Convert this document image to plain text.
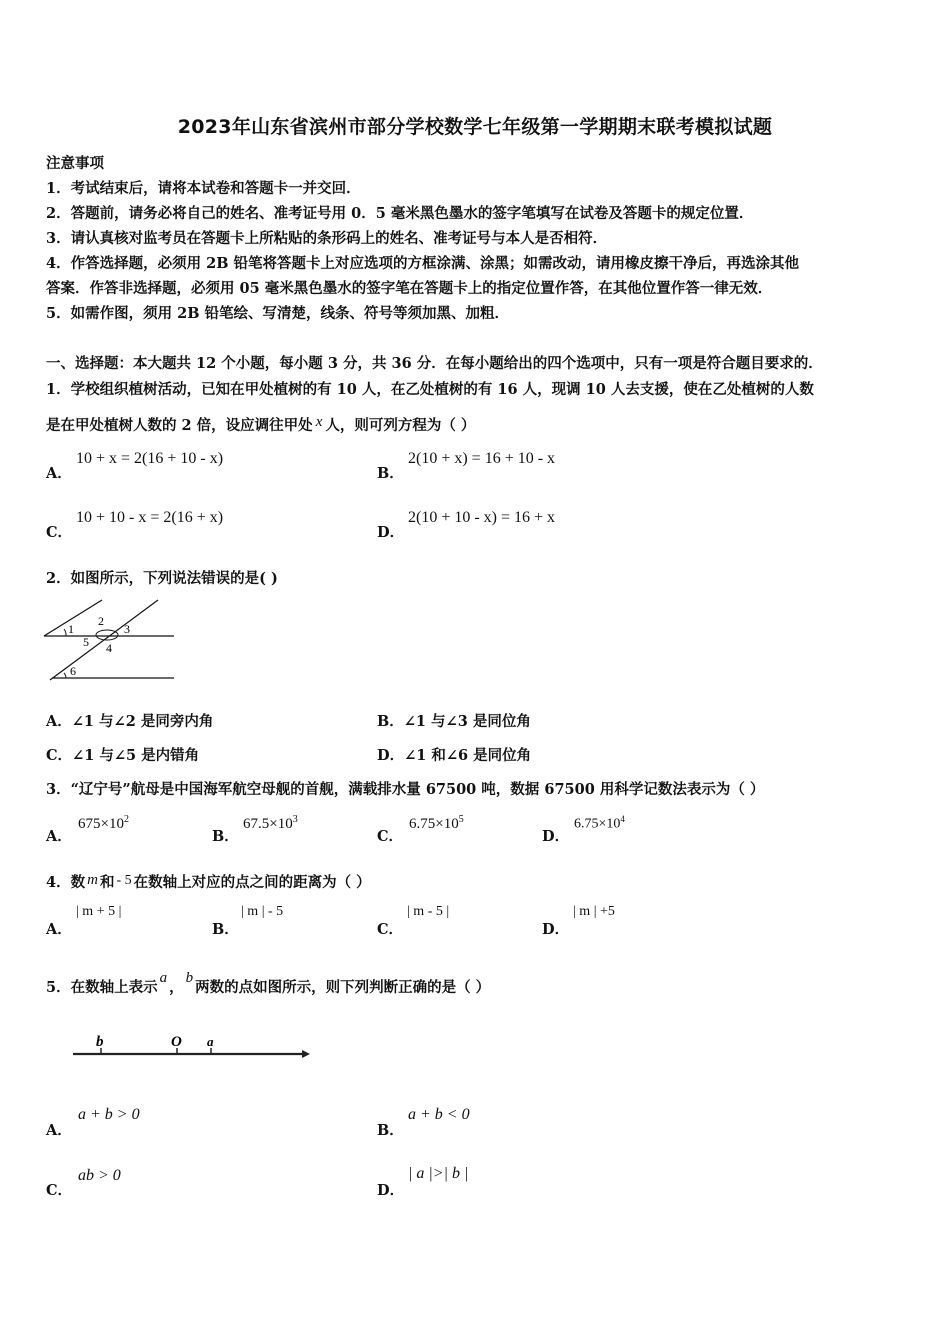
2023年山东省滨州市部分学校数学七年级第一学期期末联考模拟试题
注意事项
1．考试结束后，请将本试卷和答题卡一并交回．
2．答题前，请务必将自己的姓名、准考证号用 0．5 毫米黑色墨水的签字笔填写在试卷及答题卡的规定位置．
3．请认真核对监考员在答题卡上所粘贴的条形码上的姓名、准考证号与本人是否相符．
4．作答选择题，必须用 2B 铅笔将答题卡上对应选项的方框涂满、涂黑；如需改动，请用橡皮擦干净后，再选涂其他
答案．作答非选择题，必须用 05 毫米黑色墨水的签字笔在答题卡上的指定位置作答，在其他位置作答一律无效．
5．如需作图，须用 2B 铅笔绘、写清楚，线条、符号等须加黑、加粗．
一、选择题：本大题共 12 个小题，每小题 3 分，共 36 分．在每小题给出的四个选项中，只有一项是符合题目要求的．
1．学校组织植树活动，已知在甲处植树的有 10 人，在乙处植树的有 16 人，现调 10 人去支援，使在乙处植树的人数
是在甲处植树人数的 2 倍，设应调往甲处 x 人，则可列方程为（ ）
A．
10 + x = 2(16 + 10 - x)
B．
2(10 + x) = 16 + 10 - x
C．
10 + 10 - x = 2(16 + x)
D．
2(10 + 10 - x) = 16 + x
2．如图所示，下列说法错误的是( )
1
2
3
5 4
6
A．∠1 与∠2 是同旁内角	B．∠1 与∠3 是同位角
C．∠1 与∠5 是内错角	D．∠1 和∠6 是同位角
3．“辽宁号”航母是中国海军航空母舰的首舰，满载排水量 67500 吨，数据 67500 用科学记数法表示为（ ）
A．
$675\times 10^2$
B．
$67.5\times 10^3$
C．
$6.75\times 10^5$
D．
$6.75\times 10^4$
4．数 m 和 - 5 在数轴上对应的点之间的距离为（ ）
A．
| m + 5 |
B．
| m | - 5
C．
| m - 5 |
D．
| m | +5
5．在数轴上表示a，b两数的点如图所示，则下列判断正确的是（ ）
b	O a
A．
a + b > 0
B．
a + b < 0
C．
ab > 0
D．
| a |>| b |
